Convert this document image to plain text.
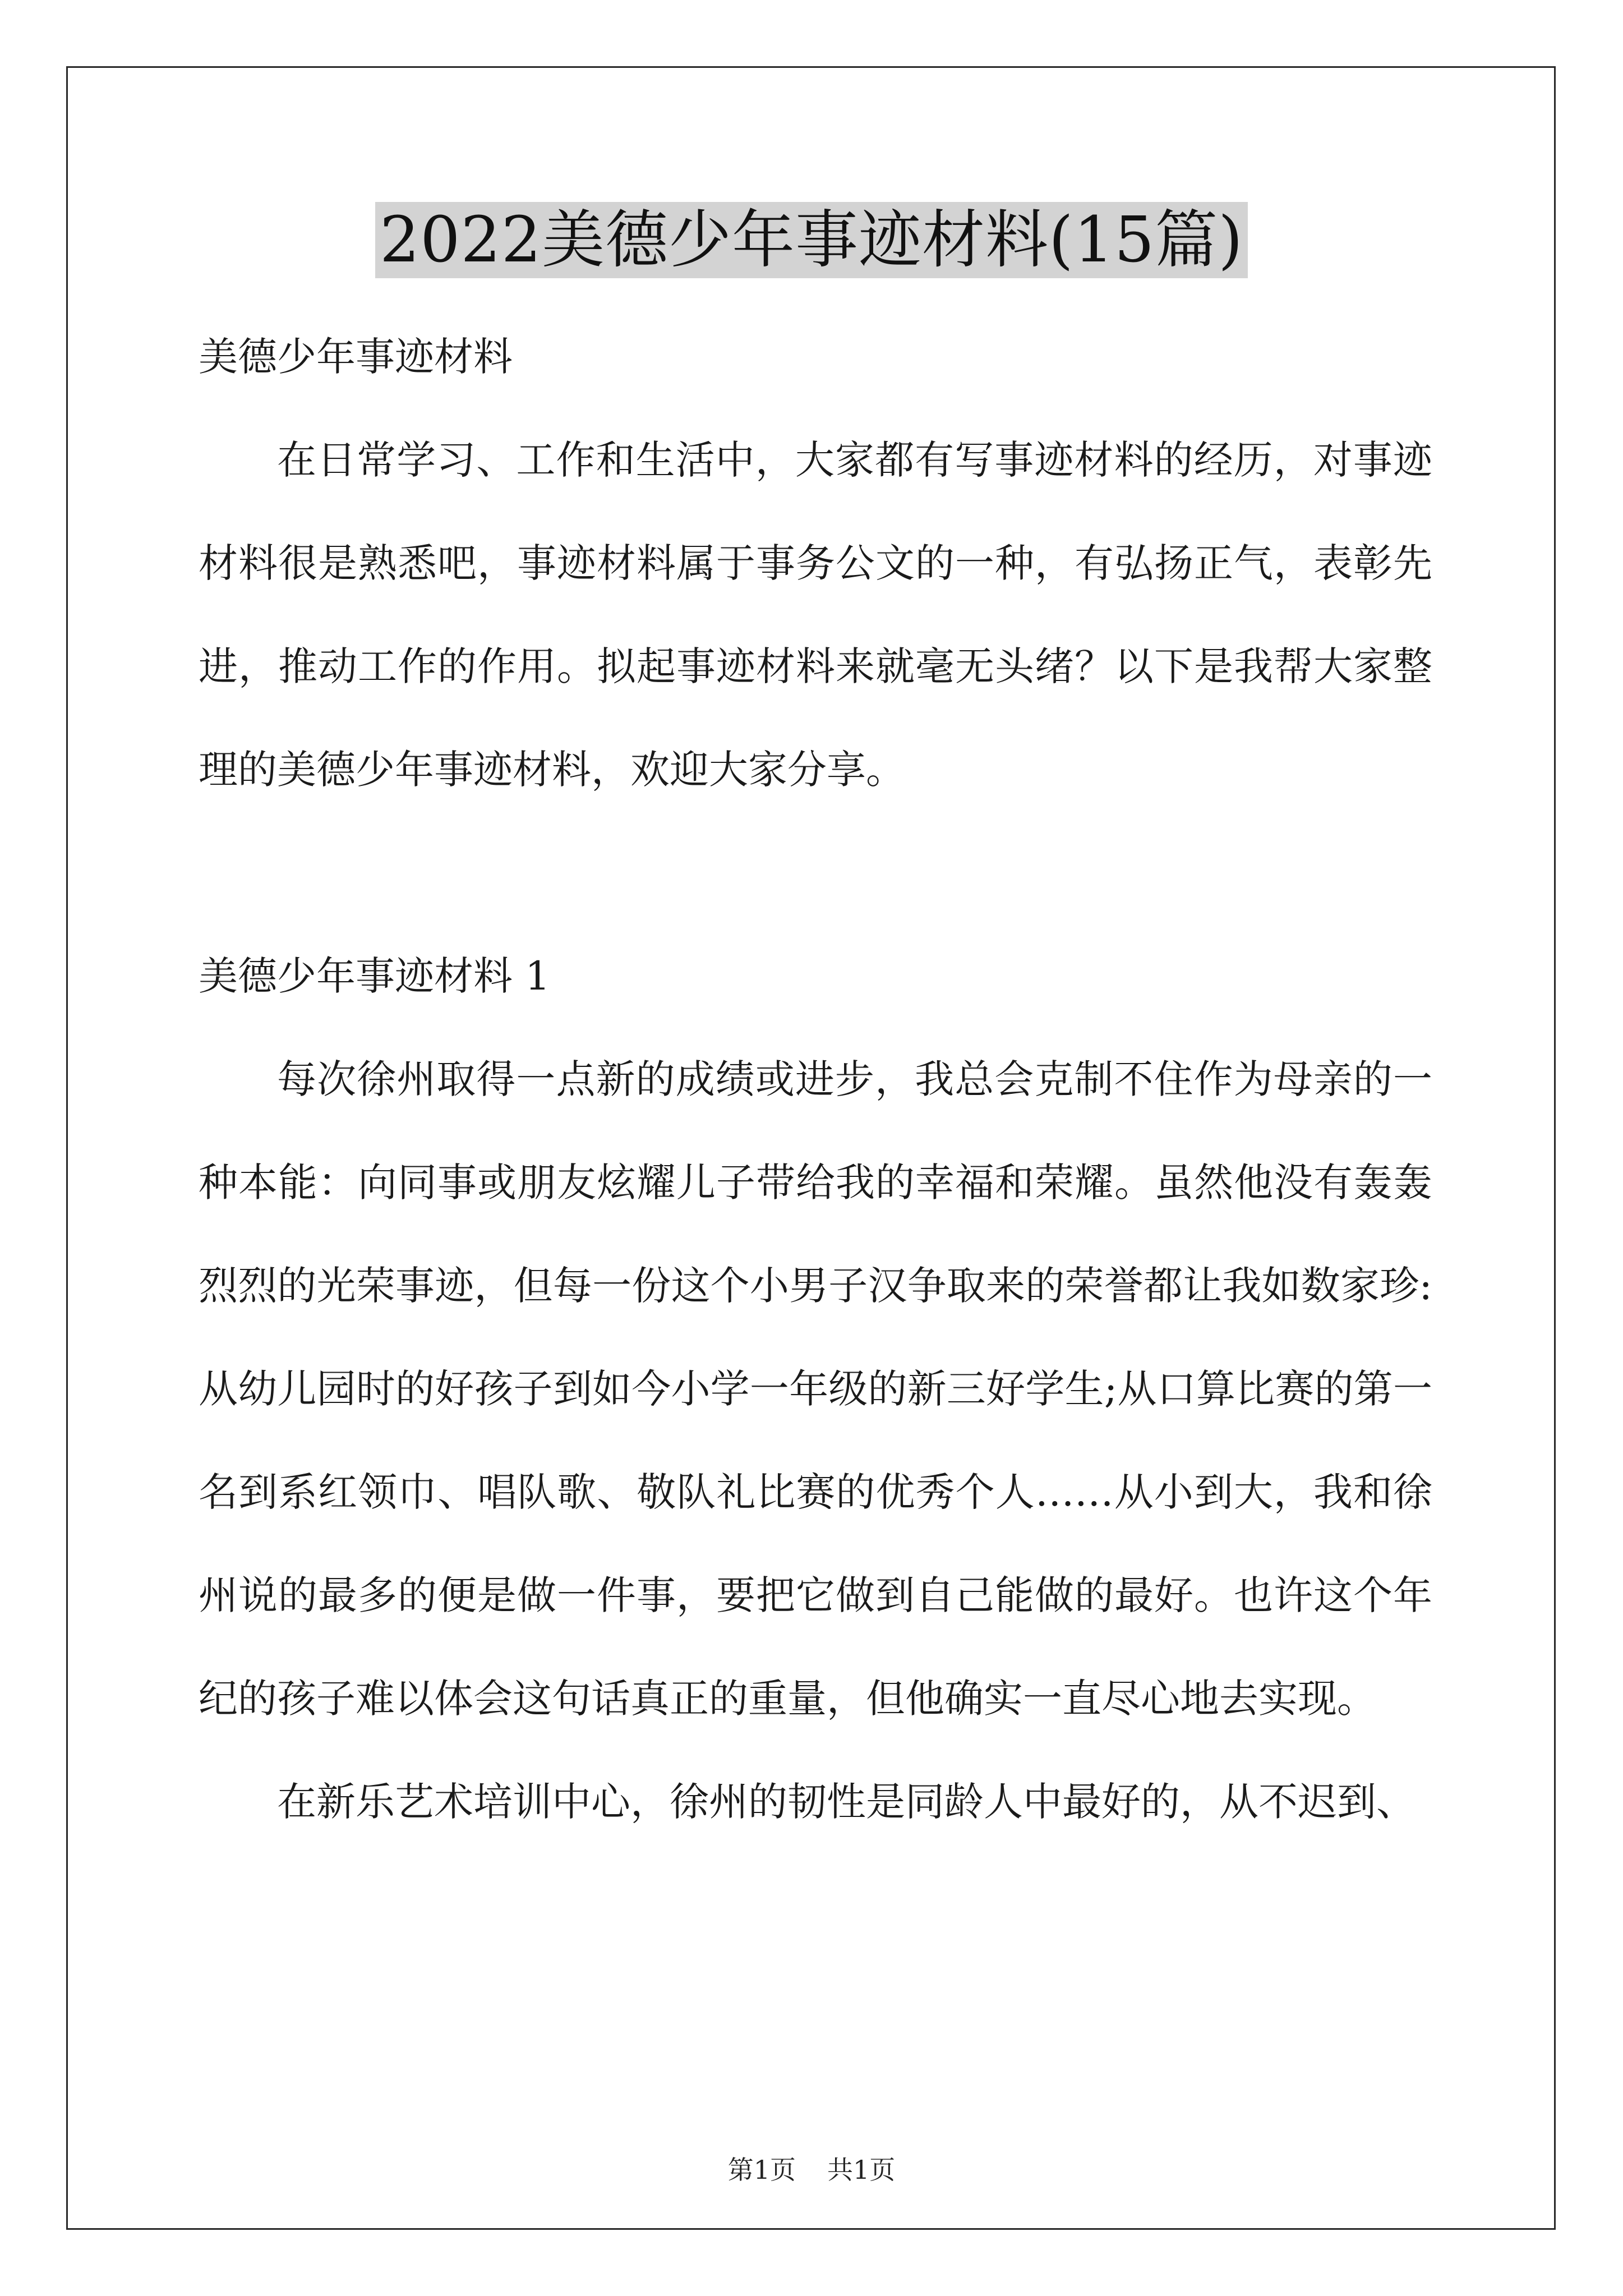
2022美德少年事迹材料(15篇)

美德少年事迹材料

在日常学习、工作和生活中，大家都有写事迹材料的经历，对事迹材料很是熟悉吧，事迹材料属于事务公文的一种，有弘扬正气，表彰先进，推动工作的作用。拟起事迹材料来就毫无头绪？以下是我帮大家整理的美德少年事迹材料，欢迎大家分享。

美德少年事迹材料 1

每次徐州取得一点新的成绩或进步，我总会克制不住作为母亲的一种本能：向同事或朋友炫耀儿子带给我的幸福和荣耀。虽然他没有轰轰烈烈的光荣事迹，但每一份这个小男子汉争取来的荣誉都让我如数家珍: 从幼儿园时的好孩子到如今小学一年级的新三好学生;从口算比赛的第一名到系红领巾、唱队歌、敬队礼比赛的优秀个人……从小到大，我和徐州说的最多的便是做一件事，要把它做到自己能做的最好。也许这个年纪的孩子难以体会这句话真正的重量，但他确实一直尽心地去实现。

在新乐艺术培训中心，徐州的韧性是同龄人中最好的，从不迟到、

第1页 共1页
